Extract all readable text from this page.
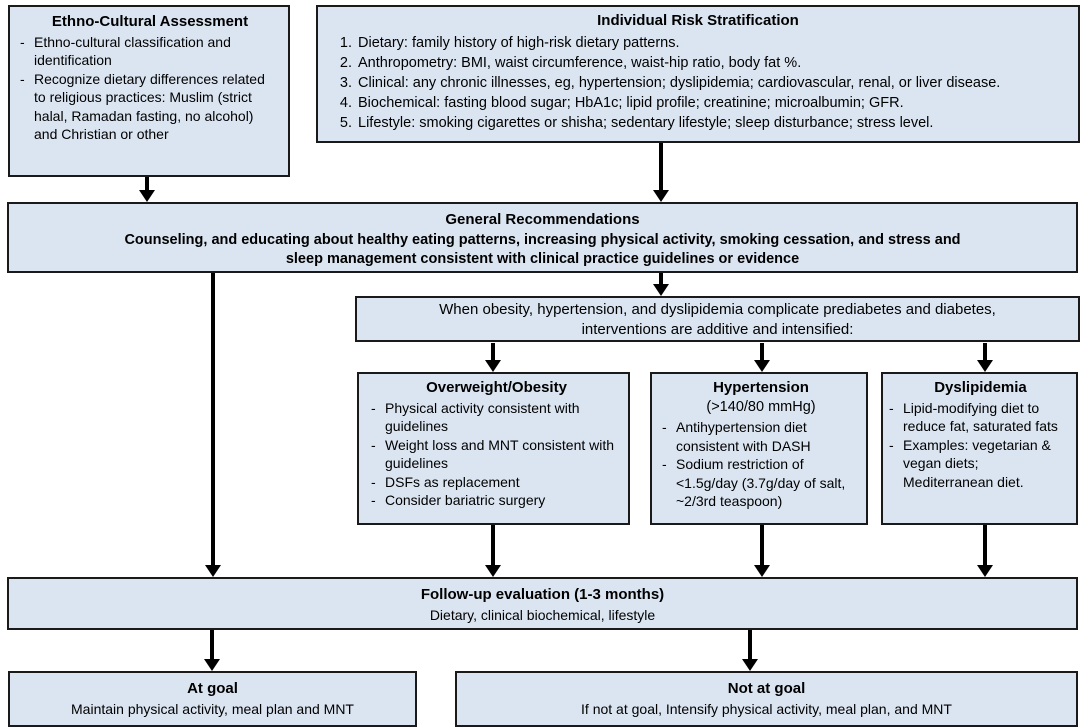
Ethno-Cultural Assessment
- Ethno-cultural classification and identification
- Recognize dietary differences related to religious practices: Muslim (strict halal, Ramadan fasting, no alcohol) and Christian or other
Individual Risk Stratification
1. Dietary: family history of high-risk dietary patterns.
2. Anthropometry: BMI, waist circumference, waist-hip ratio, body fat %.
3. Clinical: any chronic illnesses, eg, hypertension; dyslipidemia; cardiovascular, renal, or liver disease.
4. Biochemical: fasting blood sugar; HbA1c; lipid profile; creatinine; microalbumin; GFR.
5. Lifestyle: smoking cigarettes or shisha; sedentary lifestyle; sleep disturbance; stress level.
General Recommendations
Counseling, and educating about healthy eating patterns, increasing physical activity, smoking cessation, and stress and
sleep management consistent with clinical practice guidelines or evidence
When obesity, hypertension, and dyslipidemia complicate prediabetes and diabetes,
interventions are additive and intensified:
Overweight/Obesity
- Physical activity consistent with guidelines
- Weight loss and MNT consistent with guidelines
- DSFs as replacement
- Consider bariatric surgery
Hypertension
(>140/80 mmHg)
- Antihypertension diet consistent with DASH
- Sodium restriction of <1.5g/day (3.7g/day of salt, ~2/3rd teaspoon)
Dyslipidemia
- Lipid-modifying diet to reduce fat, saturated fats
- Examples: vegetarian & vegan diets; Mediterranean diet.
Follow-up evaluation (1-3 months)
Dietary, clinical biochemical, lifestyle
At goal
Maintain physical activity, meal plan and MNT
Not at goal
If not at goal, Intensify physical activity, meal plan, and MNT
